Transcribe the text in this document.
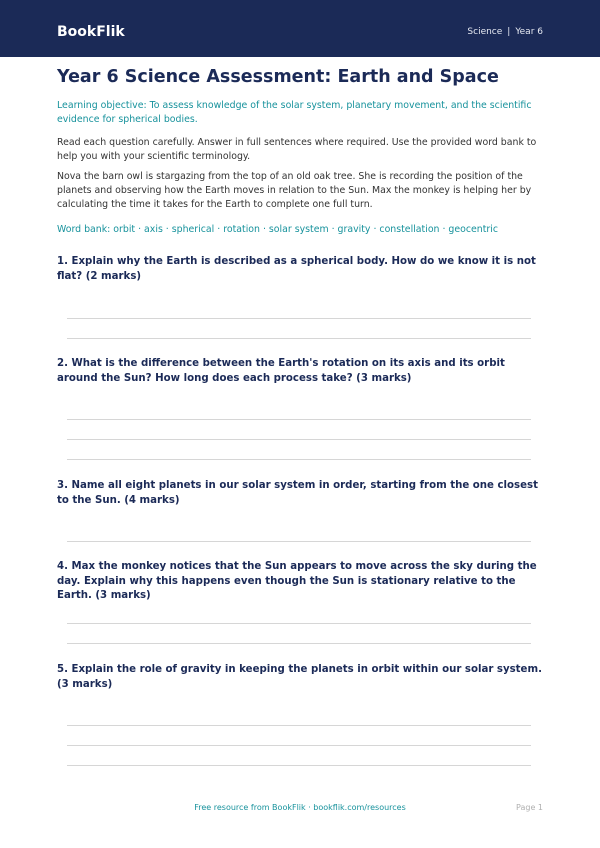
BookFlik	Science | Year 6
Year 6 Science Assessment: Earth and Space

Learning objective: To assess knowledge of the solar system, planetary movement, and the scientific evidence for spherical bodies.

Read each question carefully. Answer in full sentences where required. Use the provided word bank to help you with your scientific terminology.

Nova the barn owl is stargazing from the top of an old oak tree. She is recording the position of the planets and observing how the Earth moves in relation to the Sun. Max the monkey is helping her by calculating the time it takes for the Earth to complete one full turn.

Word bank: orbit · axis · spherical · rotation · solar system · gravity · constellation · geocentric

1. Explain why the Earth is described as a spherical body. How do we know it is not flat? (2 marks)

2. What is the difference between the Earth's rotation on its axis and its orbit around the Sun? How long does each process take? (3 marks)

3. Name all eight planets in our solar system in order, starting from the one closest to the Sun. (4 marks)

4. Max the monkey notices that the Sun appears to move across the sky during the day. Explain why this happens even though the Sun is stationary relative to the Earth. (3 marks)

5. Explain the role of gravity in keeping the planets in orbit within our solar system. (3 marks)

Free resource from BookFlik · bookflik.com/resources	Page 1
